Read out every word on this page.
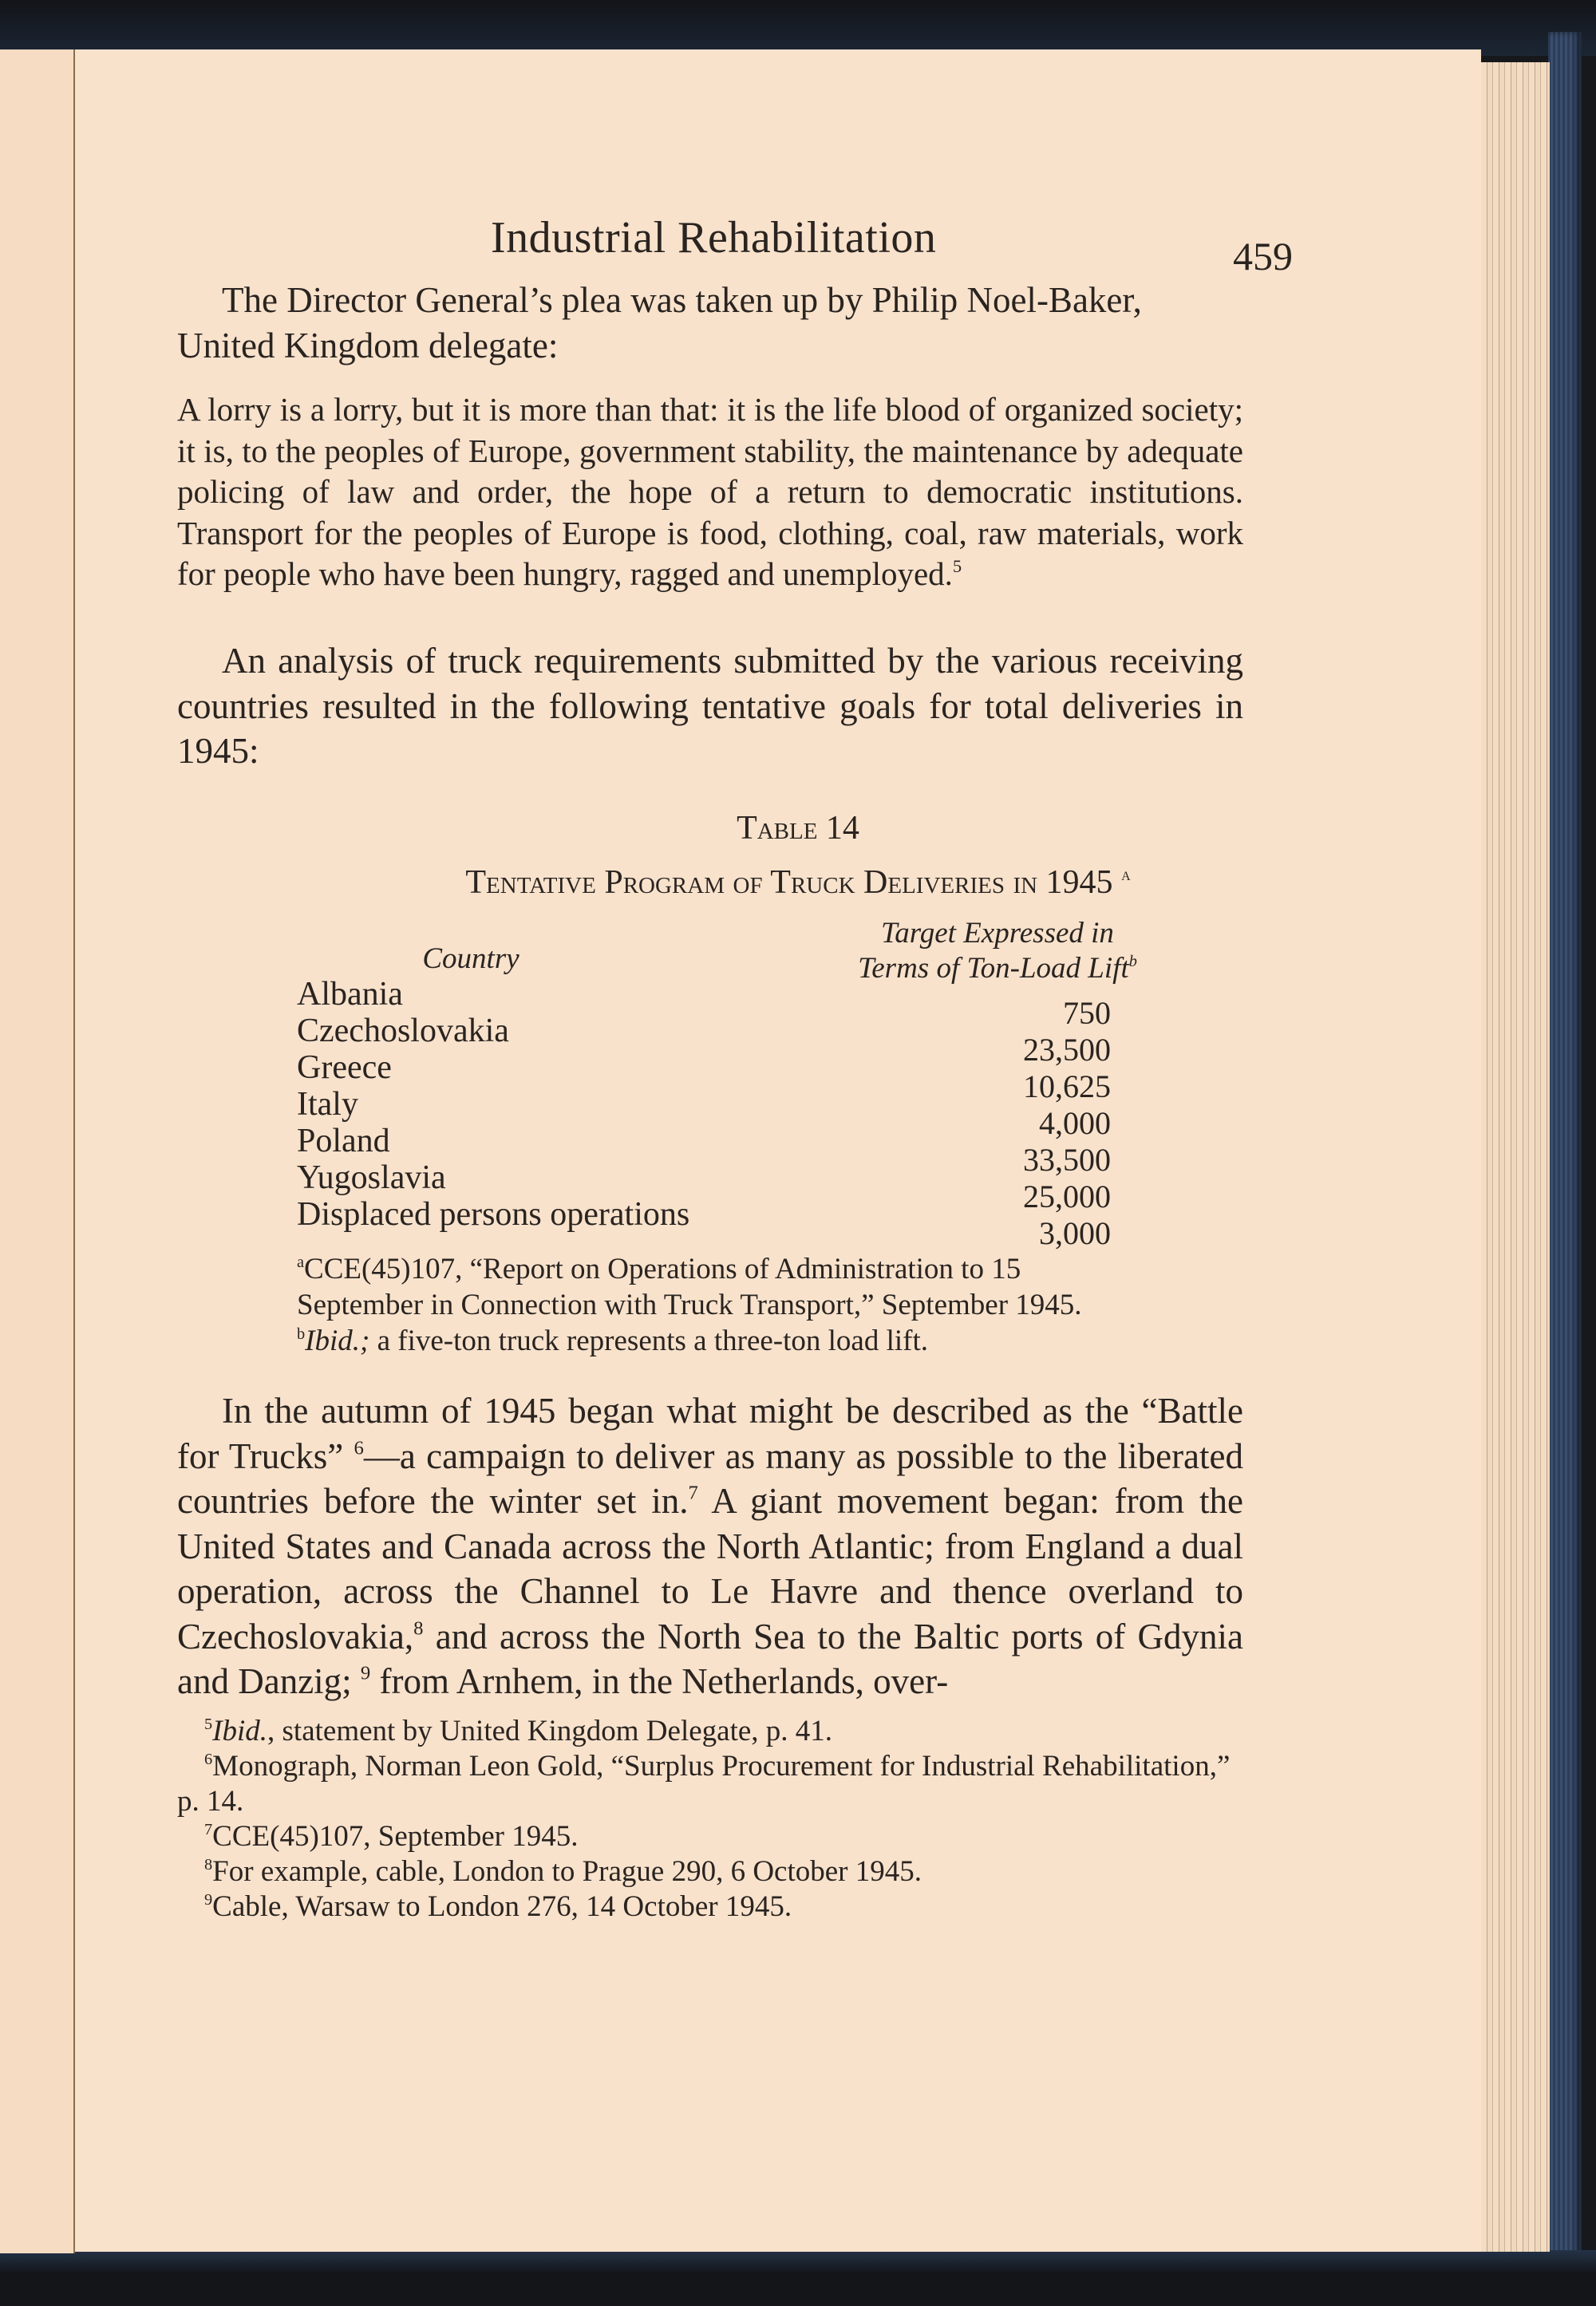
Industrial Rehabilitation	459

The Director General’s plea was taken up by Philip Noel-Baker,
United Kingdom delegate:

A lorry is a lorry, but it is more than that: it is the life blood of organized society; it is, to the peoples of Europe, government stability, the maintenance by adequate policing of law and order, the hope of a return to democratic institutions. Transport for the peoples of Europe is food, clothing, coal, raw materials, work for people who have been hungry, ragged and unemployed.$^5$

An analysis of truck requirements submitted by the various receiving countries resulted in the following tentative goals for total deliveries in 1945:

Table 14
Tentative Program of Truck Deliveries in 1945 $^a$
Country
Target Expressed in
Terms of Ton-Load Lift$^b$
Albania
750
Czechoslovakia
23,500
Greece
10,625
Italy
4,000
Poland
33,500
Yugoslavia
25,000
Displaced persons operations
3,000
$^a$CCE(45)107, “Report on Operations of Administration to 15 September in Connection with Truck Transport,” September 1945.
$^b$Ibid.; a five-ton truck represents a three-ton load lift.

In the autumn of 1945 began what might be described as the “Battle for Trucks” $^6$—a campaign to deliver as many as possible to the liberated countries before the winter set in.$^7$ A giant movement began: from the United States and Canada across the North Atlantic; from England a dual operation, across the Channel to Le Havre and thence overland to Czechoslovakia,$^8$ and across the North Sea to the Baltic ports of Gdynia and Danzig; $^9$ from Arnhem, in the Netherlands, over-

$^5$Ibid., statement by United Kingdom Delegate, p. 41.
$^6$Monograph, Norman Leon Gold, “Surplus Procurement for Industrial Rehabilitation,” p. 14.
$^7$CCE(45)107, September 1945.
$^8$For example, cable, London to Prague 290, 6 October 1945.
$^9$Cable, Warsaw to London 276, 14 October 1945.
